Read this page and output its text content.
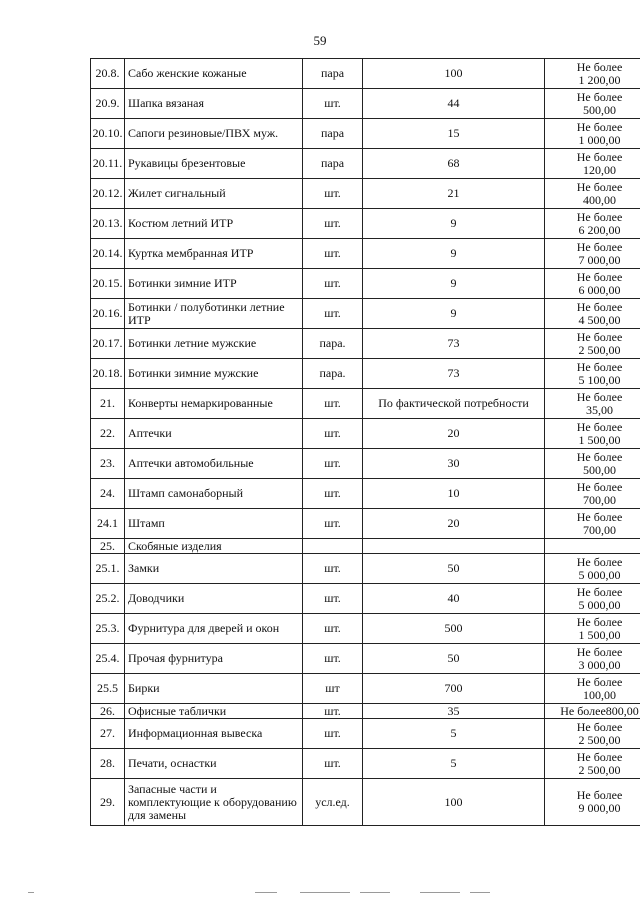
59
20.8.	Сабо женские кожаные	пара	100	Не более
1 200,00

20.9.	Шапка вязаная	шт.	44	Не более
500,00

20.10.	Сапоги резиновые/ПВХ муж.	пара	15	Не более
1 000,00

20.11.	Рукавицы брезентовые	пара	68	Не более
120,00

20.12.	Жилет сигнальный	шт.	21	Не более
400,00

20.13.	Костюм летний ИТР	шт.	9	Не более
6 200,00

20.14.	Куртка мембранная ИТР	шт.	9	Не более
7 000,00

20.15.	Ботинки зимние ИТР	шт.	9	Не более
6 000,00

20.16.	Ботинки / полуботинки летние ИТР	шт.	9	Не более
4 500,00

20.17.	Ботинки летние мужские	пара.	73	Не более
2 500,00

20.18.	Ботинки зимние мужские	пара.	73	Не более
5 100,00

21.	Конверты немаркированные	шт.	По фактической потребности	Не более
35,00

22.	Аптечки	шт.	20	Не более
1 500,00

23.	Аптечки автомобильные	шт.	30	Не более
500,00

24.	Штамп самонаборный	шт.	10	Не более
700,00

24.1	Штамп	шт.	20	Не более
700,00

25.	Скобяные изделия			
25.1.	Замки	шт.	50	Не более
5 000,00

25.2.	Доводчики	шт.	40	Не более
5 000,00

25.3.	Фурнитура для дверей и окон	шт.	500	Не более
1 500,00

25.4.	Прочая фурнитура	шт.	50	Не более
3 000,00

25.5	Бирки	шт	700	Не более
100,00

26.	Офисные таблички	шт.	35	Не более800,00

27.	Информационная вывеска	шт.	5	Не более
2 500,00

28.	Печати, оснастки	шт.	5	Не более
2 500,00

29.	Запасные части и комплектующие к оборудованию для замены	усл.ед.	100	Не более
9 000,00
